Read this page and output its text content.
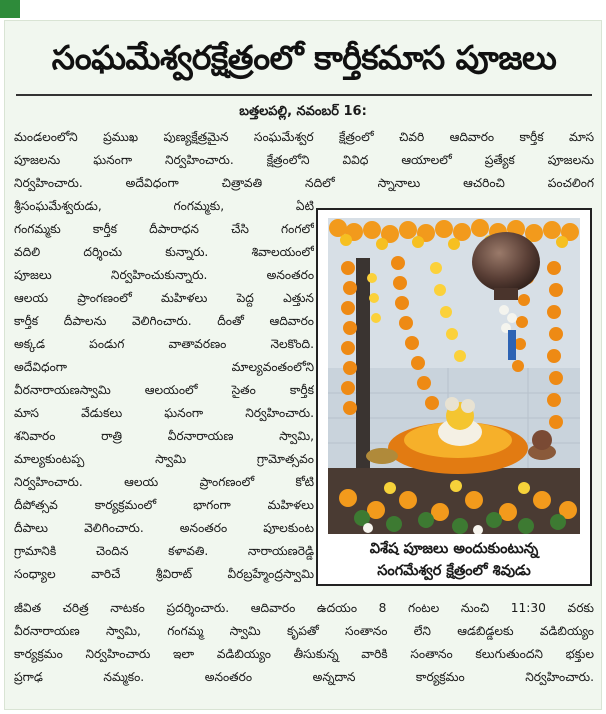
సంఘమేశ్వరక్షేత్రంలో కార్తీకమాస పూజలు
బత్తలపల్లి, నవంబర్ 16:
మండలంలోని ప్రముఖ పుణ్యక్షేత్రమైన సంఘమేశ్వర క్షేత్రంలో చివరి ఆదివారం కార్తీక మాస
పూజలను ఘనంగా నిర్వహించారు. క్షేత్రంలోని వివిధ ఆయాలలో ప్రత్యేక పూజలను
నిర్వహించారు. అదేవిధంగా చిత్రావతి నదిలో స్నానాలు ఆచరించి పంచలింగ
శ్రీసంఘమేశ్వరుడు, గంగమ్మకు, ఏటి
గంగమ్మకు కార్తీక దీపారాధన చేసి గంగలో
వదిలి దర్శించు కున్నారు. శివాలయంలో
పూజలు నిర్వహించుకున్నారు. అనంతరం
ఆలయ ప్రాంగణంలో మహిళలు పెద్ద ఎత్తున
కార్తీక దీపాలను వెలిగించారు. దీంతో ఆదివారం
అక్కడ పండుగ వాతావరణం నెలకొంది.
అదేవిధంగా మాల్యవంతంలోని
వీరనారాయణస్వామి ఆలయంలో సైతం కార్తీక
మాస వేడుకలు ఘనంగా నిర్వహించారు.
శనివారం రాత్రి వీరనారాయణ స్వామి,
మాల్యకుంటప్ప స్వామి గ్రామోత్సవం
నిర్వహించారు. ఆలయ ప్రాంగణంలో కోటి
దీపోత్సవ కార్యక్రమంలో భాగంగా మహిళలు
దీపాలు వెలిగించారు. అనంతరం పూలకుంట
గ్రామానికి చెందిన కళావతి. నారాయణరెడ్డి
సంధ్యాల వారిచే శ్రీవిరాట్ వీరబ్రహ్మేంద్రస్వామి
జీవిత చరిత్ర నాటకం ప్రదర్శించారు. ఆదివారం ఉదయం 8 గంటల నుంచి 11:30 వరకు
వీరనారాయణ స్వామి, గంగమ్మ స్వామి కృపతో సంతానం లేని ఆడబిడ్డలకు వడిబియ్యం
కార్యక్రమం నిర్వహించారు ఇలా వడిబియ్యం తీసుకున్న వారికి సంతానం కలుగుతుందని భక్తుల
ప్రగాఢ నమ్మకం. అనంతరం అన్నదాన కార్యక్రమం నిర్వహించారు.
విశేష పూజలు అందుకుంటున్న
సంగమేశ్వర క్షేత్రంలో శివుడు
